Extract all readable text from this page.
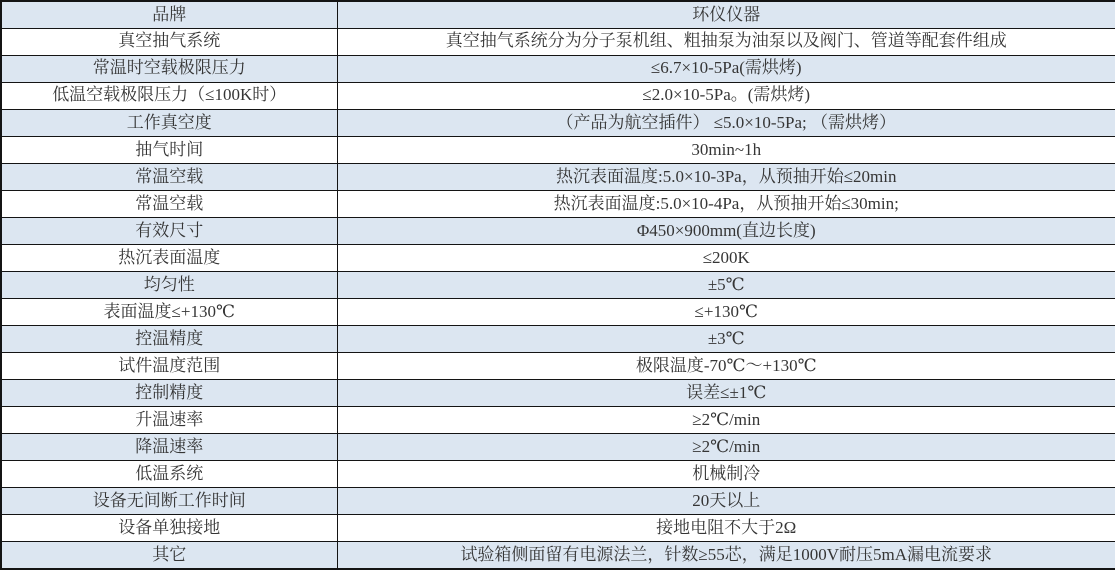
品牌	环仪仪器
真空抽气系统	真空抽气系统分为分子泵机组、粗抽泵为油泵以及阀门、管道等配套件组成
常温时空载极限压力	≤6.7×10-5Pa(需烘烤)
低温空载极限压力（≤100K时）	≤2.0×10-5Pa。(需烘烤)
工作真空度	（产品为航空插件） ≤5.0×10-5Pa; （需烘烤）
抽气时间	30min~1h
常温空载	热沉表面温度:5.0×10-3Pa，从预抽开始≤20min
常温空载	热沉表面温度:5.0×10-4Pa，从预抽开始≤30min;
有效尺寸	Φ450×900mm(直边长度)
热沉表面温度	≤200K
均匀性	±5℃
表面温度≤+130℃	≤+130℃
控温精度	±3℃
试件温度范围	极限温度-70℃～+130℃
控制精度	误差≤±1℃
升温速率	≥2℃/min
降温速率	≥2℃/min
低温系统	机械制冷
设备无间断工作时间	20天以上
设备单独接地	接地电阻不大于2Ω
其它	试验箱侧面留有电源法兰，针数≥55芯，满足1000V耐压5mA漏电流要求
